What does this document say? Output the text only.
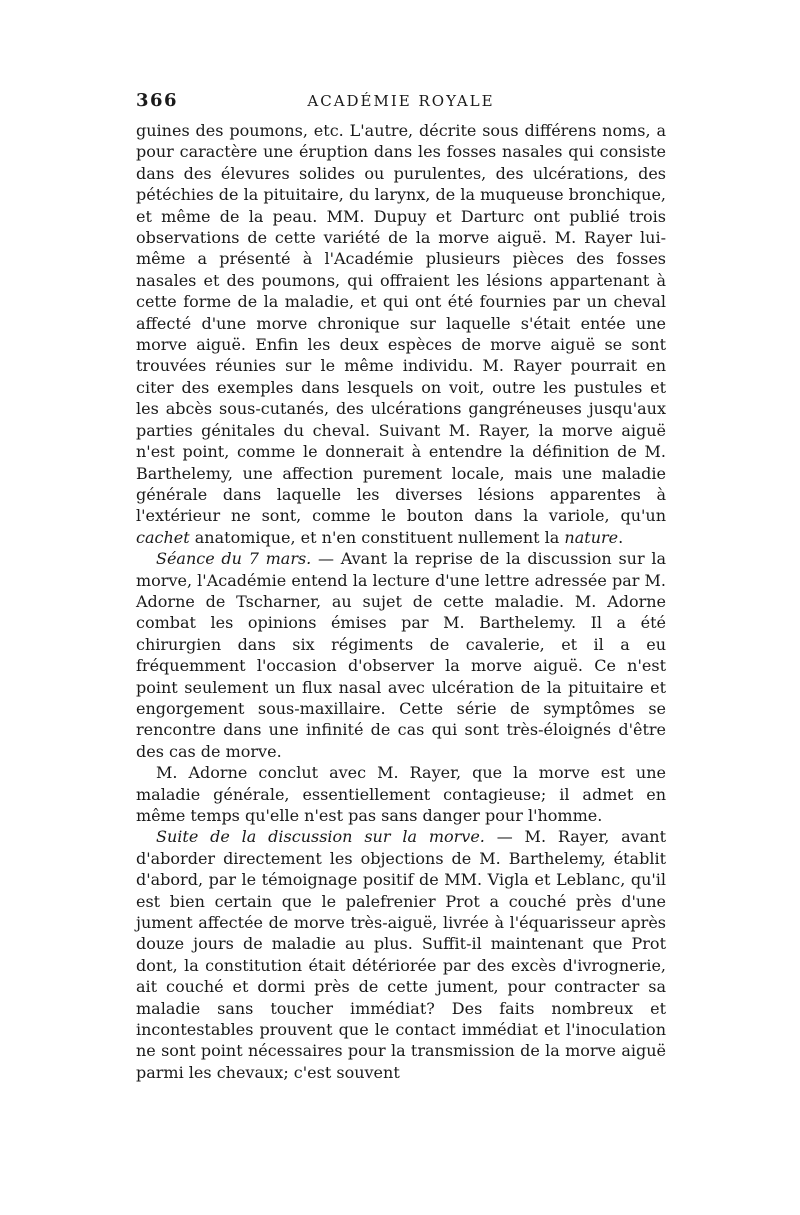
366	ACADÉMIE ROYALE

guines des poumons, etc. L'autre, décrite sous différens noms, a pour caractère une éruption dans les fosses nasales qui consiste dans des élevures solides ou purulentes, des ulcérations, des pétéchies de la pituitaire, du larynx, de la muqueuse bronchique, et même de la peau. MM. Dupuy et Darturc ont publié trois observations de cette variété de la morve aiguë. M. Rayer lui-même a présenté à l'Académie plusieurs pièces des fosses nasales et des poumons, qui offraient les lésions appartenant à cette forme de la maladie, et qui ont été fournies par un cheval affecté d'une morve chronique sur laquelle s'était entée une morve aiguë. Enfin les deux espèces de morve aiguë se sont trouvées réunies sur le même individu. M. Rayer pourrait en citer des exemples dans lesquels on voit, outre les pustules et les abcès sous-cutanés, des ulcérations gangréneuses jusqu'aux parties génitales du cheval. Suivant M. Rayer, la morve aiguë n'est point, comme le donnerait à entendre la définition de M. Barthelemy, une affection purement locale, mais une maladie générale dans laquelle les diverses lésions apparentes à l'extérieur ne sont, comme le bouton dans la variole, qu'un cachet anatomique, et n'en constituent nullement la nature.

Séance du 7 mars. — Avant la reprise de la discussion sur la morve, l'Académie entend la lecture d'une lettre adressée par M. Adorne de Tscharner, au sujet de cette maladie. M. Adorne combat les opinions émises par M. Barthelemy. Il a été chirurgien dans six régiments de cavalerie, et il a eu fréquemment l'occasion d'observer la morve aiguë. Ce n'est point seulement un flux nasal avec ulcération de la pituitaire et engorgement sous-maxillaire. Cette série de symptômes se rencontre dans une infinité de cas qui sont très-éloignés d'être des cas de morve.

M. Adorne conclut avec M. Rayer, que la morve est une maladie générale, essentiellement contagieuse; il admet en même temps qu'elle n'est pas sans danger pour l'homme.

Suite de la discussion sur la morve. — M. Rayer, avant d'aborder directement les objections de M. Barthelemy, établit d'abord, par le témoignage positif de MM. Vigla et Leblanc, qu'il est bien certain que le palefrenier Prot a couché près d'une jument affectée de morve très-aiguë, livrée à l'équarisseur après douze jours de maladie au plus. Suffit-il maintenant que Prot dont, la constitution était détériorée par des excès d'ivrognerie, ait couché et dormi près de cette jument, pour contracter sa maladie sans toucher immédiat? Des faits nombreux et incontestables prouvent que le contact immédiat et l'inoculation ne sont point nécessaires pour la transmission de la morve aiguë parmi les chevaux; c'est souvent
